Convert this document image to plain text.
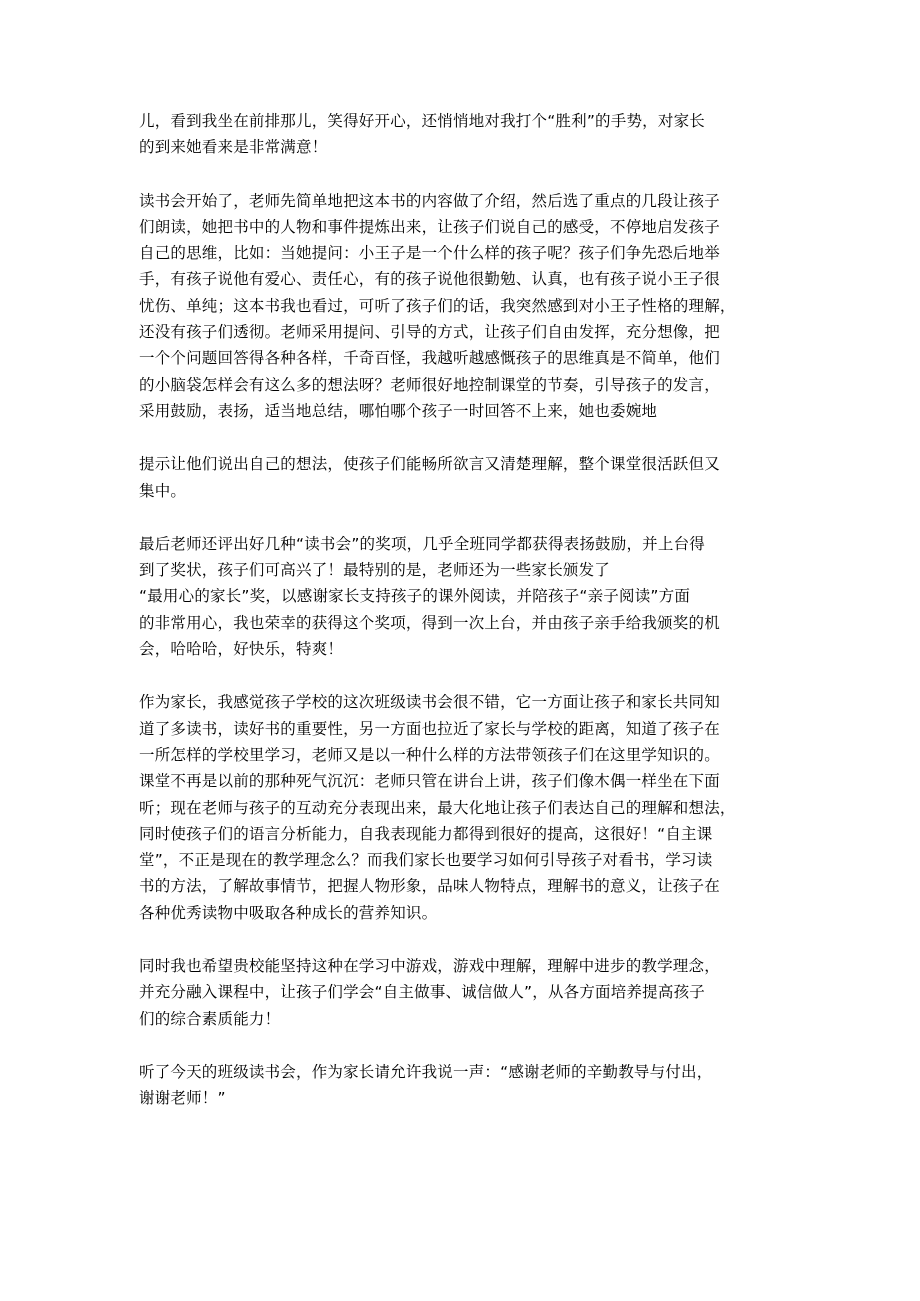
儿，看到我坐在前排那儿，笑得好开心，还悄悄地对我打个“胜利”的手势，对家长
的到来她看来是非常满意！

读书会开始了，老师先简单地把这本书的内容做了介绍，然后选了重点的几段让孩子
们朗读，她把书中的人物和事件提炼出来，让孩子们说自己的感受，不停地启发孩子
自己的思维，比如：当她提问：小王子是一个什么样的孩子呢？孩子们争先恐后地举
手，有孩子说他有爱心、责任心，有的孩子说他很勤勉、认真，也有孩子说小王子很
忧伤、单纯；这本书我也看过，可听了孩子们的话，我突然感到对小王子性格的理解，
还没有孩子们透彻。老师采用提问、引导的方式，让孩子们自由发挥，充分想像，把
一个个问题回答得各种各样，千奇百怪，我越听越感慨孩子的思维真是不简单，他们
的小脑袋怎样会有这么多的想法呀？老师很好地控制课堂的节奏，引导孩子的发言，
采用鼓励，表扬，适当地总结，哪怕哪个孩子一时回答不上来，她也委婉地

提示让他们说出自己的想法，使孩子们能畅所欲言又清楚理解，整个课堂很活跃但又
集中。

最后老师还评出好几种“读书会”的奖项，几乎全班同学都获得表扬鼓励，并上台得
到了奖状，孩子们可高兴了！最特别的是，老师还为一些家长颁发了
“最用心的家长”奖，以感谢家长支持孩子的课外阅读，并陪孩子“亲子阅读”方面
的非常用心，我也荣幸的获得这个奖项，得到一次上台，并由孩子亲手给我颁奖的机
会，哈哈哈，好快乐，特爽！

作为家长，我感觉孩子学校的这次班级读书会很不错，它一方面让孩子和家长共同知
道了多读书，读好书的重要性，另一方面也拉近了家长与学校的距离，知道了孩子在
一所怎样的学校里学习，老师又是以一种什么样的方法带领孩子们在这里学知识的。
课堂不再是以前的那种死气沉沉：老师只管在讲台上讲，孩子们像木偶一样坐在下面
听；现在老师与孩子的互动充分表现出来，最大化地让孩子们表达自己的理解和想法，
同时使孩子们的语言分析能力，自我表现能力都得到很好的提高，这很好！“自主课
堂”，不正是现在的教学理念么？而我们家长也要学习如何引导孩子对看书，学习读
书的方法，了解故事情节，把握人物形象，品味人物特点，理解书的意义，让孩子在
各种优秀读物中吸取各种成长的营养知识。

同时我也希望贵校能坚持这种在学习中游戏，游戏中理解，理解中进步的教学理念，
并充分融入课程中，让孩子们学会“自主做事、诚信做人”，从各方面培养提高孩子
们的综合素质能力！

听了今天的班级读书会，作为家长请允许我说一声：“感谢老师的辛勤教导与付出，
谢谢老师！”
